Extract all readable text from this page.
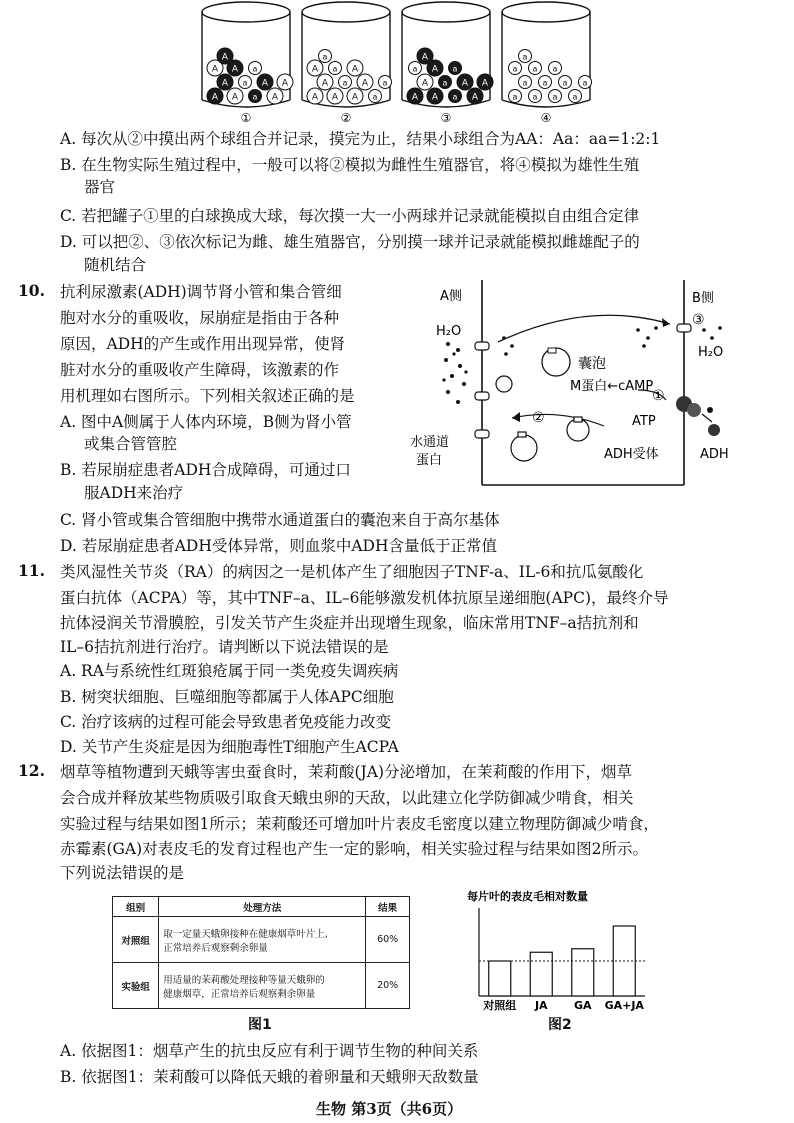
A A a A
A a A A
A A a
A
①
A A A a
A a A a
A a A
a
②
A A a A
A a A A
a A a
A
③
a a a a
a a a a
a a a
a
④
A. 每次从②中摸出两个球组合并记录，摸完为止，结果小球组合为AA：Aa：aa=1:2:1
B. 在生物实际生殖过程中，一般可以将②模拟为雌性生殖器官，将④模拟为雄性生殖
器官
C. 若把罐子①里的白球换成大球，每次摸一大一小两球并记录就能模拟自由组合定律
D. 可以把②、③依次标记为雌、雄生殖器官，分别摸一球并记录就能模拟雌雄配子的
随机结合
10. 抗利尿激素(ADH)调节肾小管和集合管细
胞对水分的重吸收，尿崩症是指由于各种
原因，ADH的产生或作用出现异常，使肾
脏对水分的重吸收产生障碍，该激素的作
用机理如右图所示。下列相关叙述正确的是
A. 图中A侧属于人体内环境，B侧为肾小管
或集合管管腔
B. 若尿崩症患者ADH合成障碍，可通过口
服ADH来治疗
C. 肾小管或集合管细胞中携带水通道蛋白的囊泡来自于高尔基体
D. 若尿崩症患者ADH受体异常，则血浆中ADH含量低于正常值
A侧	B侧
H₂O
H₂O
③
囊泡
M蛋白←cAMP
①
ATP
ADH受体	ADH
②
水通道
蛋白
11. 类风湿性关节炎（RA）的病因之一是机体产生了细胞因子TNF-a、IL-6和抗瓜氨酸化
蛋白抗体（ACPA）等，其中TNF–a、IL–6能够激发机体抗原呈递细胞(APC)，最终介导
抗体浸润关节滑膜腔，引发关节产生炎症并出现增生现象，临床常用TNF–a拮抗剂和
IL–6拮抗剂进行治疗。请判断以下说法错误的是
A. RA与系统性红斑狼疮属于同一类免疫失调疾病
B. 树突状细胞、巨噬细胞等都属于人体APC细胞
C. 治疗该病的过程可能会导致患者免疫能力改变
D. 关节产生炎症是因为细胞毒性T细胞产生ACPA
12. 烟草等植物遭到天蛾等害虫蚕食时，茉莉酸(JA)分泌增加，在茉莉酸的作用下，烟草
会合成并释放某些物质吸引取食天蛾虫卵的天敌，以此建立化学防御减少啃食，相关
实验过程与结果如图1所示；茉莉酸还可增加叶片表皮毛密度以建立物理防御减少啃食，
赤霉素(GA)对表皮毛的发育过程也产生一定的影响，相关实验过程与结果如图2所示。
下列说法错误的是
组别	处理方法	结果
对照组	取一定量天蛾卵接种在健康烟草叶片上,
正常培养后观察剩余卵量	60%
实验组	用适量的茉莉酸处理接种等量天蛾卵的
健康烟草，正常培养后观察剩余卵量	20%
图1
每片叶的表皮毛相对数量
对照组 JA GA GA+JA
图2
A. 依据图1：烟草产生的抗虫反应有利于调节生物的种间关系
B. 依据图1：茉莉酸可以降低天蛾的着卵量和天蛾卵天敌数量
生物 第3页（共6页）
